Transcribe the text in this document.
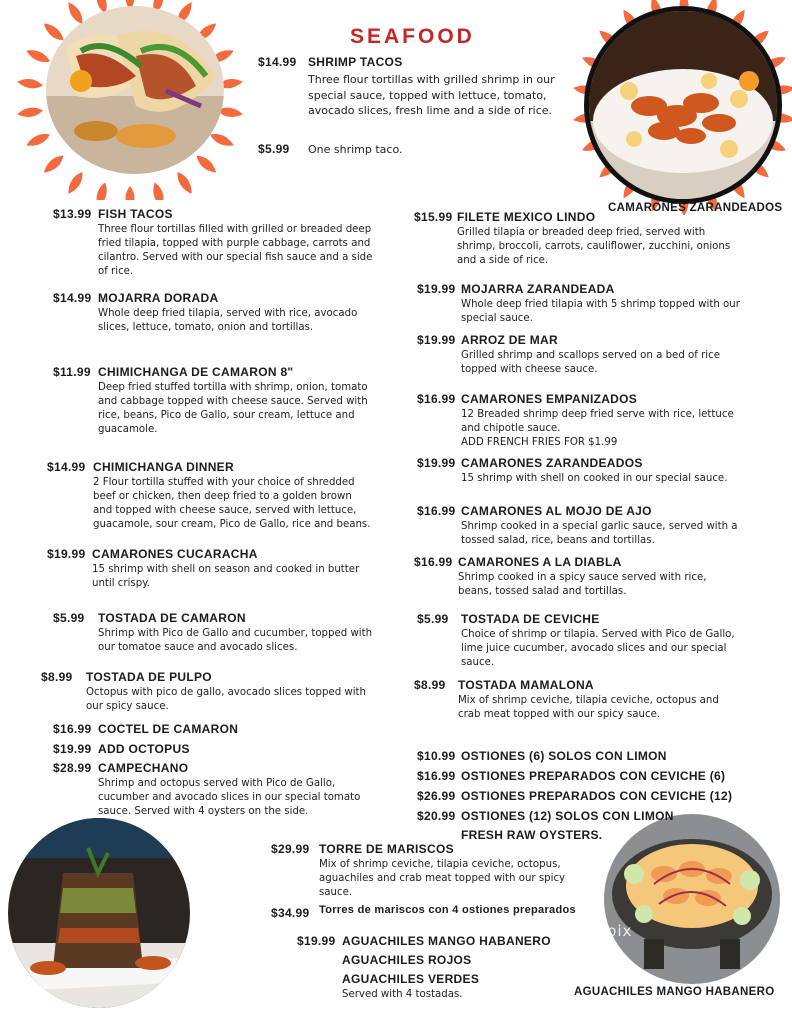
SEAFOOD
$14.99 SHRIMP TACOS
Three flour tortillas with grilled shrimp in our special sauce, topped with lettuce, tomato, avocado slices, fresh lime and a side of rice.
$5.99 One shrimp taco.
CAMARONES ZARANDEADOS
$13.99 FISH TACOS
Three flour tortillas filled with grilled or breaded deep fried tilapia, topped with purple cabbage, carrots and cilantro. Served with our special fish sauce and a side of rice.
$14.99 MOJARRA DORADA
Whole deep fried tilapia, served with rice, avocado slices, lettuce, tomato, onion and tortillas.
$11.99 CHIMICHANGA DE CAMARON 8"
Deep fried stuffed tortilla with shrimp, onion, tomato and cabbage topped with cheese sauce. Served with rice, beans, Pico de Gallo, sour cream, lettuce and guacamole.
$14.99 CHIMICHANGA DINNER
2 Flour tortilla stuffed with your choice of shredded beef or chicken, then deep fried to a golden brown and topped with cheese sauce, served with lettuce, guacamole, sour cream, Pico de Gallo, rice and beans.
$19.99 CAMARONES CUCARACHA
15 shrimp with shell on season and cooked in butter until crispy.
$5.99 TOSTADA DE CAMARON
Shrimp with Pico de Gallo and cucumber, topped with our tomatoe sauce and avocado slices.
$8.99 TOSTADA DE PULPO
Octopus with pico de gallo, avocado slices topped with our spicy sauce.
$16.99 COCTEL DE CAMARON
$19.99 ADD OCTOPUS
$28.99 CAMPECHANO
Shrimp and octopus served with Pico de Gallo, cucumber and avocado slices in our special tomato sauce. Served with 4 oysters on the side.
$15.99 FILETE MEXICO LINDO
Grilled tilapia or breaded deep fried, served with shrimp, broccoli, carrots, cauliflower, zucchini, onions and a side of rice.
$19.99 MOJARRA ZARANDEADA
Whole deep fried tilapia with 5 shrimp topped with our special sauce.
$19.99 ARROZ DE MAR
Grilled shrimp and scallops served on a bed of rice topped with cheese sauce.
$16.99 CAMARONES EMPANIZADOS
12 Breaded shrimp deep fried serve with rice, lettuce and chipotle sauce.
ADD FRENCH FRIES FOR $1.99
$19.99 CAMARONES ZARANDEADOS
15 shrimp with shell on cooked in our special sauce.
$16.99 CAMARONES AL MOJO DE AJO
Shrimp cooked in a special garlic sauce, served with a tossed salad, rice, beans and tortillas.
$16.99 CAMARONES A LA DIABLA
Shrimp cooked in a spicy sauce served with rice, beans, tossed salad and tortillas.
$5.99 TOSTADA DE CEVICHE
Choice of shrimp or tilapia. Served with Pico de Gallo, lime juice cucumber, avocado slices and our special sauce.
$8.99 TOSTADA MAMALONA
Mix of shrimp ceviche, tilapia ceviche, octopus and crab meat topped with our spicy sauce.
$10.99 OSTIONES (6) SOLOS CON LIMON
$16.99 OSTIONES PREPARADOS CON CEVICHE (6)
$26.99 OSTIONES PREPARADOS CON CEVICHE (12)
$20.99 OSTIONES (12) SOLOS CON LIMON
FRESH RAW OYSTERS.
$29.99 TORRE DE MARISCOS
Mix of shrimp ceviche, tilapia ceviche, octopus, aguachiles and crab meat topped with our spicy sauce.
$34.99 Torres de mariscos con 4 ostiones preparados
$19.99 AGUACHILES MANGO HABANERO
AGUACHILES ROJOS
AGUACHILES VERDES
Served with 4 tostadas.
menupix
AGUACHILES MANGO HABANERO
